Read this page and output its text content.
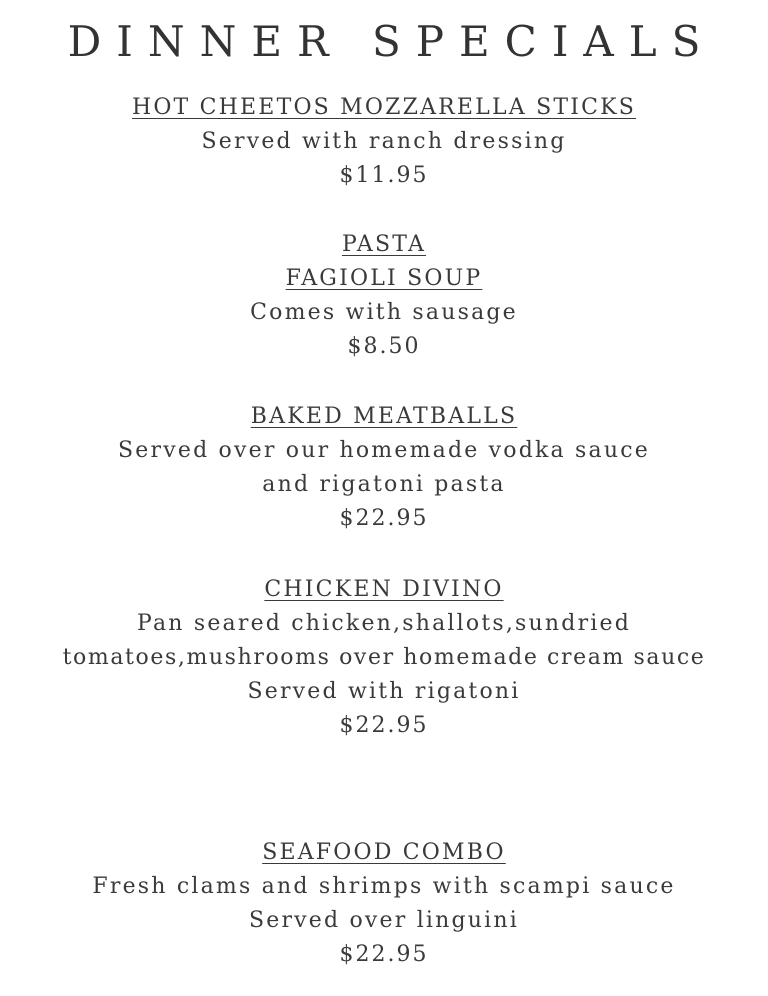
DINNER SPECIALS
HOT CHEETOS MOZZARELLA STICKS
Served with ranch dressing
$11.95
PASTA
FAGIOLI SOUP
Comes with sausage
$8.50
BAKED MEATBALLS
Served over our homemade vodka sauce
and rigatoni pasta
$22.95
CHICKEN DIVINO
Pan seared chicken,shallots,sundried
tomatoes,mushrooms over homemade cream sauce
Served with rigatoni
$22.95
SEAFOOD COMBO
Fresh clams and shrimps with scampi sauce
Served over linguini
$22.95
